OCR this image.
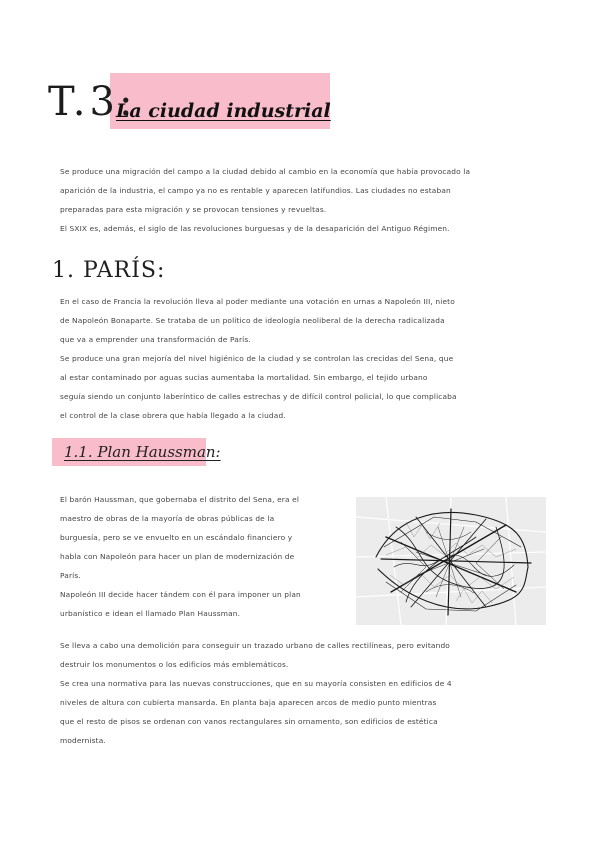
T.3:
La ciudad industrial

Se produce una migración del campo a la ciudad debido al cambio en la economía que había provocado la

aparición de la industria, el campo ya no es rentable y aparecen latifundios. Las ciudades no estaban

preparadas para esta migración y se provocan tensiones y revueltas.

El SXIX es, además, el siglo de las revoluciones burguesas y de la desaparición del Antiguo Régimen.

1. PARÍS:

En el caso de Francia la revolución lleva al poder mediante una votación en urnas a Napoleón III, nieto

de Napoleón Bonaparte. Se trataba de un político de ideología neoliberal de la derecha radicalizada

que va a emprender una transformación de París.

Se produce una gran mejoría del nivel higiénico de la ciudad y se controlan las crecidas del Sena, que

al estar contaminado por aguas sucias aumentaba la mortalidad. Sin embargo, el tejido urbano

seguía siendo un conjunto laberíntico de calles estrechas y de difícil control policial, lo que complicaba

el control de la clase obrera que había llegado a la ciudad.

1.1. Plan Haussman:

El barón Haussman, que gobernaba el distrito del Sena, era el

maestro de obras de la mayoría de obras públicas de la

burguesía, pero se ve envuelto en un escándalo financiero y

habla con Napoleón para hacer un plan de modernización de

París.

Napoleón III decide hacer tándem con él para imponer un plan

urbanístico e idean el llamado Plan Haussman.

Se lleva a cabo una demolición para conseguir un trazado urbano de calles rectilíneas, pero evitando

destruir los monumentos o los edificios más emblemáticos.

Se crea una normativa para las nuevas construcciones, que en su mayoría consisten en edificios de 4

niveles de altura con cubierta mansarda. En planta baja aparecen arcos de medio punto mientras

que el resto de pisos se ordenan con vanos rectangulares sin ornamento, son edificios de estética

modernista.
